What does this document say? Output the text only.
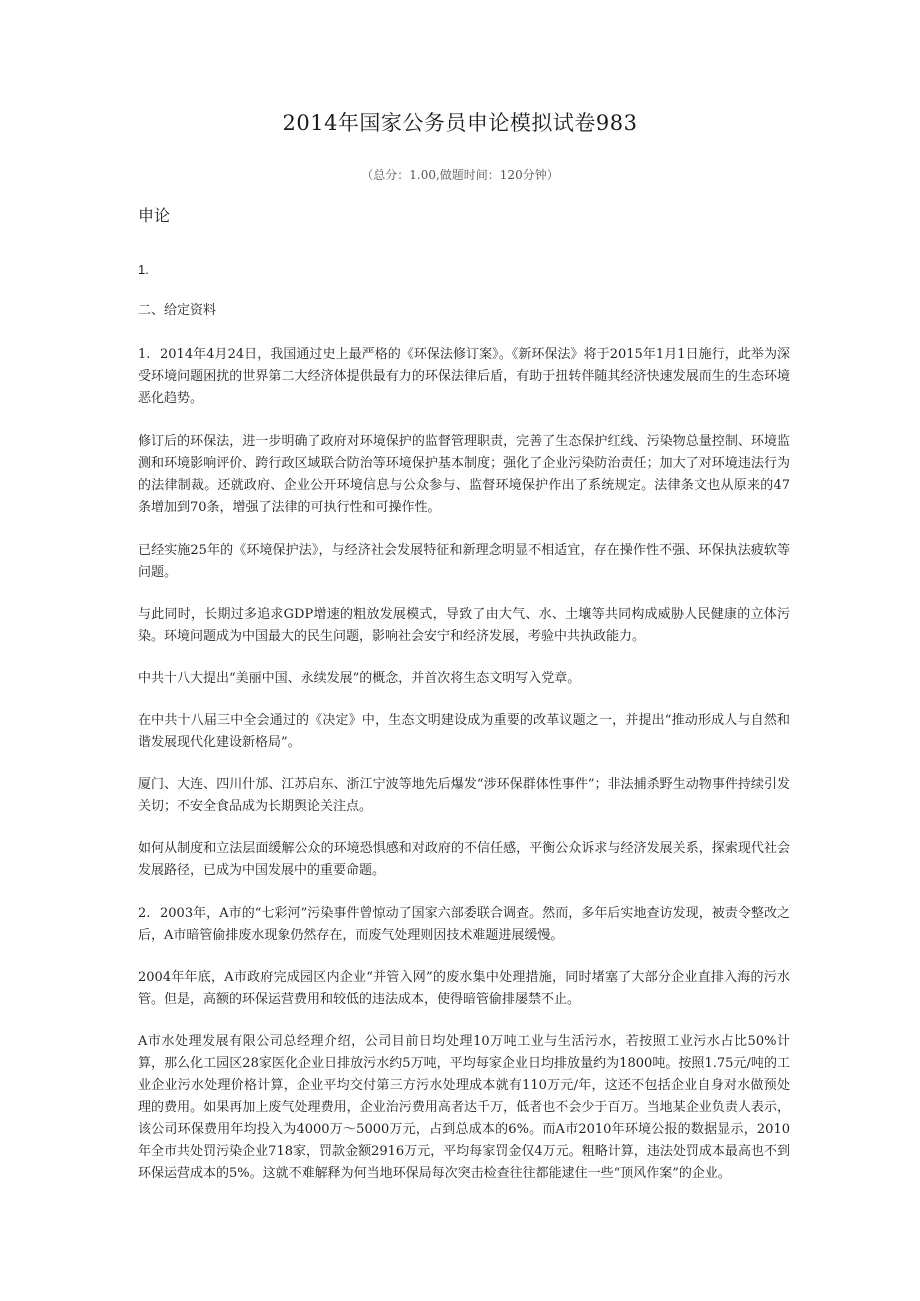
2014年国家公务员申论模拟试卷983
（总分：1.00,做题时间：120分钟）
申论
1.
二、给定资料
1. 2014年4月24日，我国通过史上最严格的《环保法修订案》。《新环保法》将于2015年1月1日施行，此举为深受环境问题困扰的世界第二大经济体提供最有力的环保法律后盾，有助于扭转伴随其经济快速发展而生的生态环境恶化趋势。
修订后的环保法，进一步明确了政府对环境保护的监督管理职责，完善了生态保护红线、污染物总量控制、环境监测和环境影响评价、跨行政区域联合防治等环境保护基本制度；强化了企业污染防治责任；加大了对环境违法行为的法律制裁。还就政府、企业公开环境信息与公众参与、监督环境保护作出了系统规定。法律条文也从原来的47条增加到70条，增强了法律的可执行性和可操作性。
已经实施25年的《环境保护法》，与经济社会发展特征和新理念明显不相适宜，存在操作性不强、环保执法疲软等问题。
与此同时，长期过多追求GDP增速的粗放发展模式，导致了由大气、水、土壤等共同构成威胁人民健康的立体污染。环境问题成为中国最大的民生问题，影响社会安宁和经济发展，考验中共执政能力。
中共十八大提出“美丽中国、永续发展”的概念，并首次将生态文明写入党章。
在中共十八届三中全会通过的《决定》中，生态文明建设成为重要的改革议题之一，并提出“推动形成人与自然和谐发展现代化建设新格局”。
厦门、大连、四川什邡、江苏启东、浙江宁波等地先后爆发“涉环保群体性事件”；非法捕杀野生动物事件持续引发关切；不安全食品成为长期舆论关注点。
如何从制度和立法层面缓解公众的环境恐惧感和对政府的不信任感，平衡公众诉求与经济发展关系，探索现代社会发展路径，已成为中国发展中的重要命题。
2. 2003年，A市的“七彩河”污染事件曾惊动了国家六部委联合调查。然而，多年后实地查访发现，被责令整改之后，A市暗管偷排废水现象仍然存在，而废气处理则因技术难题进展缓慢。
2004年年底，A市政府完成园区内企业“并管入网”的废水集中处理措施，同时堵塞了大部分企业直排入海的污水管。但是，高额的环保运营费用和较低的违法成本，使得暗管偷排屡禁不止。
A市水处理发展有限公司总经理介绍，公司目前日均处理10万吨工业与生活污水，若按照工业污水占比50%计算，那么化工园区28家医化企业日排放污水约5万吨，平均每家企业日均排放量约为1800吨。按照1.75元/吨的工业企业污水处理价格计算，企业平均交付第三方污水处理成本就有110万元/年，这还不包括企业自身对水做预处理的费用。如果再加上废气处理费用，企业治污费用高者达千万，低者也不会少于百万。当地某企业负责人表示，该公司环保费用年均投入为4000万～5000万元，占到总成本的6%。而A市2010年环境公报的数据显示，2010年全市共处罚污染企业718家，罚款金额2916万元，平均每家罚金仅4万元。粗略计算，违法处罚成本最高也不到环保运营成本的5%。这就不难解释为何当地环保局每次突击检查往往都能逮住一些“顶风作案”的企业。
